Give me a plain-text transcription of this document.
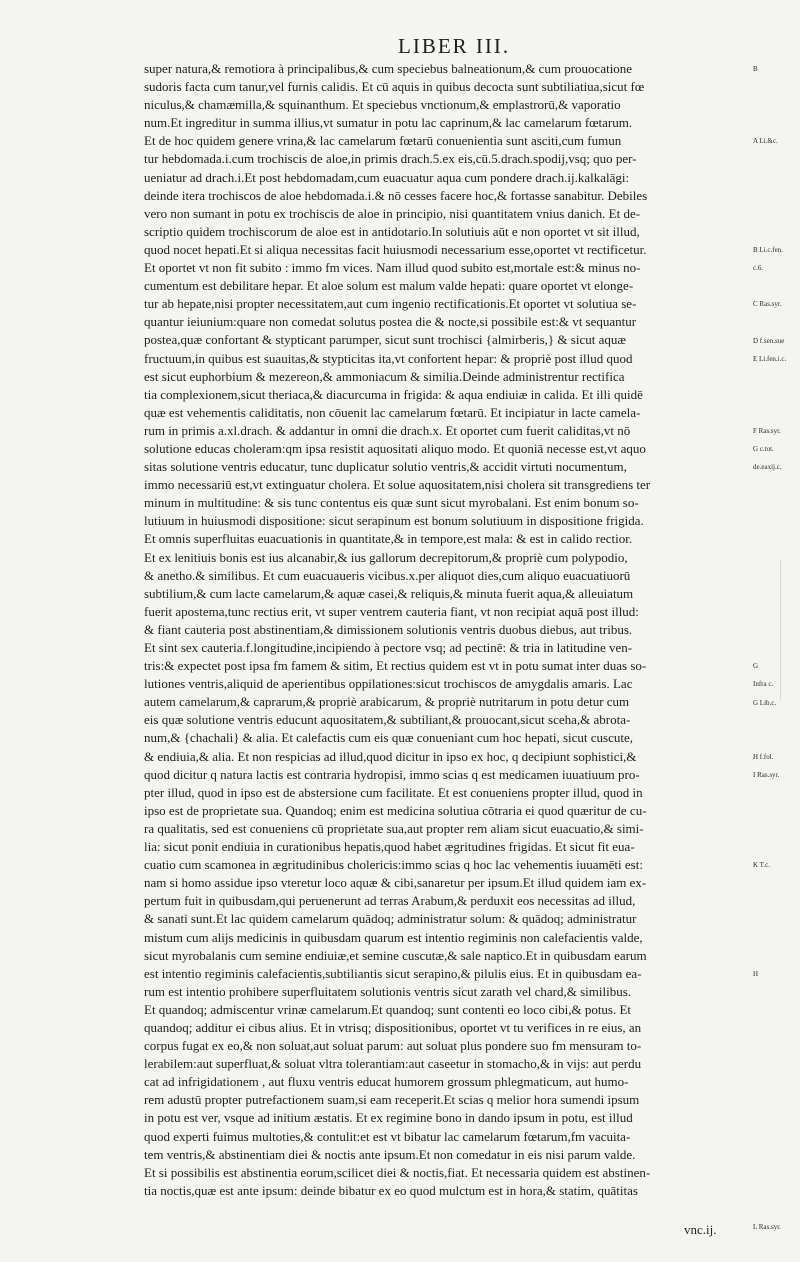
LIBER III.
super natura,& remotiora à principalibus,& cum speciebus balneationum,& cum prouocatione
sudoris facta cum tanur,vel furnis calidis. Et cū aquis in quibus decocta sunt subtiliatiua,sicut fœ
niculus,& chamæmilla,& squinanthum. Et speciebus vnctionum,& emplastrorū,& vaporatio
num.Et ingreditur in summa illius,vt sumatur in potu lac caprinum,& lac camelarum fœtarum.
Et de hoc quidem genere vrina,& lac camelarum fœtarū conuenientia sunt asciti,cum fumun
tur hebdomada.i.cum trochiscis de aloe,in primis drach.5.ex eis,cū.5.drach.spodij,vsq; quo per-
ueniatur ad drach.i.Et post hebdomadam,cum euacuatur aqua cum pondere drach.ij.kalkalāgi:
deinde itera trochiscos de aloe hebdomada.i.& nō cesses facere hoc,& fortasse sanabitur. Debiles
vero non sumant in potu ex trochiscis de aloe in principio, nisi quantitatem vnius danich. Et de-
scriptio quidem trochiscorum de aloe est in antidotario.In solutiuis aūt e non oportet vt sit illud,
quod nocet hepati.Et si aliqua necessitas facit huiusmodi necessarium esse,oportet vt rectificetur.
Et oportet vt non fit subito : immo fm vices. Nam illud quod subito est,mortale est:& minus no-
cumentum est debilitare hepar. Et aloe solum est malum valde hepati: quare oportet vt elonge-
tur ab hepate,nisi propter necessitatem,aut cum ingenio rectificationis.Et oportet vt solutiua se-
quantur ieiunium:quare non comedat solutus postea die & nocte,si possibile est:& vt sequantur
postea,quæ confortant & stypticant parumper, sicut sunt trochisci {almirberis,} & sicut aquæ
fructuum,in quibus est suauitas,& stypticitas ita,vt confortent hepar: & propriè post illud quod
est sicut euphorbium & mezereon,& ammoniacum & similia.Deinde administrentur rectifica
tia complexionem,sicut theriaca,& diacurcuma in frigida: & aqua endiuiæ in calida. Et illi quidē
quæ est vehementis caliditatis, non cōuenit lac camelarum fœtarū. Et incipiatur in lacte camela-
rum in primis a.xl.drach. & addantur in omni die drach.x. Et oportet cum fuerit caliditas,vt nō
solutione educas choleram:qm ipsa resistit aquositati aliquo modo. Et quoniā necesse est,vt aquo
sitas solutione ventris educatur, tunc duplicatur solutio ventris,& accidit virtuti nocumentum,
immo necessariū est,vt extinguatur cholera. Et solue aquositatem,nisi cholera sit transgrediens ter
minum in multitudine: & sis tunc contentus eis quæ sunt sicut myrobalani. Est enim bonum so-
lutiuum in huiusmodi dispositione: sicut serapinum est bonum solutiuum in dispositione frigida.
Et omnis superfluitas euacuationis in quantitate,& in tempore,est mala: & est in calido rectior.
Et ex lenitiuis bonis est ius alcanabir,& ius gallorum decrepitorum,& propriè cum polypodio,
& anetho.& similibus. Et cum euacuaueris vicibus.x.per aliquot dies,cum aliquo euacuatiuorū
subtilium,& cum lacte camelarum,& aquæ casei,& reliquis,& minuta fuerit aqua,& alleuiatum
fuerit apostema,tunc rectius erit, vt super ventrem cauteria fiant, vt non recipiat aquā post illud:
& fiant cauteria post abstinentiam,& dimissionem solutionis ventris duobus diebus, aut tribus.
Et sint sex cauteria.f.longitudine,incipiendo à pectore vsq; ad pectinē: & tria in latitudine ven-
tris:& expectet post ipsa fm famem & sitim, Et rectius quidem est vt in potu sumat inter duas so-
lutiones ventris,aliquid de aperientibus oppilationes:sicut trochiscos de amygdalis amaris. Lac
autem camelarum,& caprarum,& propriè arabicarum, & propriè nutritarum in potu detur cum
eis quæ solutione ventris educunt aquositatem,& subtiliant,& prouocant,sicut sceha,& abrota-
num,& {chachali} & alia. Et calefactis cum eis quæ conueniant cum hoc hepati, sicut cuscute,
& endiuia,& alia. Et non respicias ad illud,quod dicitur in ipso ex hoc, q decipiunt sophistici,&
quod dicitur q natura lactis est contraria hydropisi, immo scias q est medicamen iuuatiuum pro-
pter illud, quod in ipso est de abstersione cum facilitate. Et est conueniens propter illud, quod in
ipso est de proprietate sua. Quandoq; enim est medicina solutiua cōtraria ei quod quæritur de cu-
ra qualitatis, sed est conueniens cū proprietate sua,aut propter rem aliam sicut euacuatio,& simi-
lia: sicut ponit endiuia in curationibus hepatis,quod habet ægritudines frigidas. Et sicut fit eua-
cuatio cum scamonea in ægritudinibus cholericis:immo scias q hoc lac vehementis iuuamēti est:
nam si homo assidue ipso vteretur loco aquæ & cibi,sanaretur per ipsum.Et illud quidem iam ex-
pertum fuit in quibusdam,qui peruenerunt ad terras Arabum,& perduxit eos necessitas ad illud,
& sanati sunt.Et lac quidem camelarum quādoq; administratur solum: & quādoq; administratur
mistum cum alijs medicinis in quibusdam quarum est intentio regiminis non calefacientis valde,
sicut myrobalanis cum semine endiuiæ,et semine cuscutæ,& sale naptico.Et in quibusdam earum
est intentio regiminis calefacientis,subtiliantis sicut serapino,& pilulis eius. Et in quibusdam ea-
rum est intentio prohibere superfluitatem solutionis ventris sicut zarath vel chard,& similibus.
Et quandoq; admiscentur vrinæ camelarum.Et quandoq; sunt contenti eo loco cibi,& potus. Et
quandoq; additur ei cibus alius. Et in vtrisq; dispositionibus, oportet vt tu verifices in re eius, an
corpus fugat ex eo,& non soluat,aut soluat parum: aut soluat plus pondere suo fm mensuram to-
lerabilem:aut superfluat,& soluat vltra tolerantiam:aut caseetur in stomacho,& in vijs: aut perdu
cat ad infrigidationem , aut fluxu ventris educat humorem grossum phlegmaticum, aut humo-
rem adustū propter putrefactionem suam,si eam receperit.Et scias q melior hora sumendi ipsum
in potu est ver, vsque ad initium æstatis. Et ex regimine bono in dando ipsum in potu, est illud
quod experti fuimus multoties,& contulit:et est vt bibatur lac camelarum fœtarum,fm vacuita-
tem ventris,& abstinentiam diei & noctis ante ipsum.Et non comedatur in eis nisi parum valde.
Et si possibilis est abstinentia eorum,scilicet diei & noctis,fiat. Et necessaria quidem est abstinen-
tia noctis,quæ est ante ipsum: deinde bibatur ex eo quod mulctum est in hora,& statim, quātitas
B
A Li.&c.
B Li.c.fen.
c.6.
C Ras.syr.
D f.sen.sue
E Li.fen.i.c.
F Ras.syr.
G c.tot.
de.eaxij.c.
G
Infra c.
G Lib.c.
H f.fol.
I Ras.syr.
K T.c.
H
L Ras.syr.
vnc.ij.
